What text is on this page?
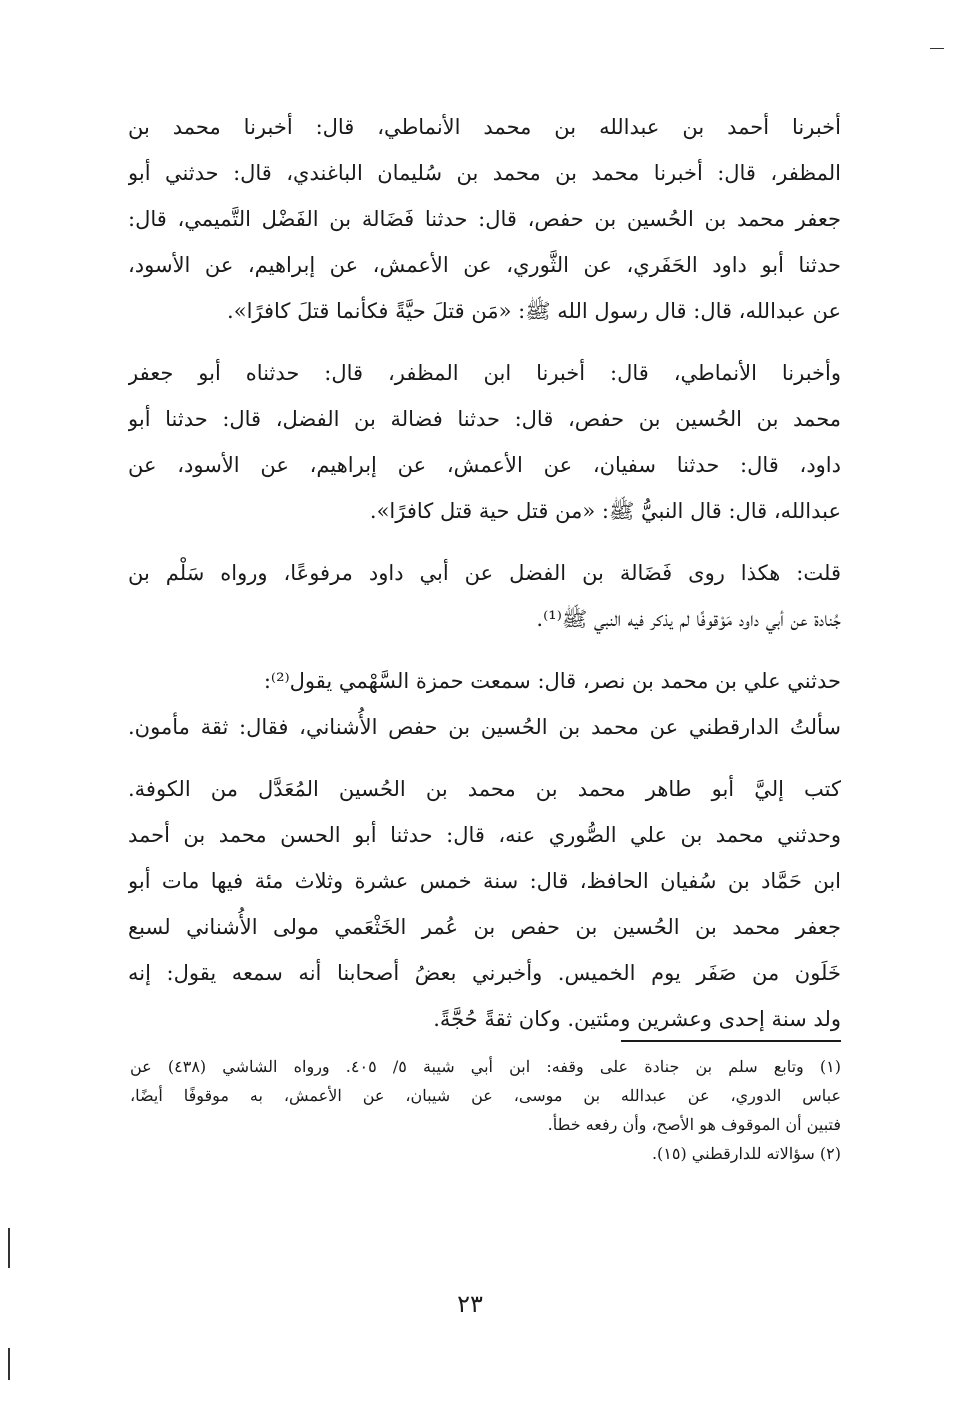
أخبرنا أحمد بن عبدالله بن محمد الأنماطي، قال: أخبرنا محمد بن
المظفر، قال: أخبرنا محمد بن محمد بن سُليمان الباغندي، قال: حدثني أبو
جعفر محمد بن الحُسين بن حفص، قال: حدثنا فَضَالة بن الفَضْل التَّميمي، قال:
حدثنا أبو داود الحَفَري، عن الثَّوري، عن الأعمش، عن إبراهيم، عن الأسود،
عن عبدالله، قال: قال رسول الله ﷺ: «مَن قتلَ حيَّةً فكأنما قتلَ كافرًا».
وأخبرنا الأنماطي، قال: أخبرنا ابن المظفر، قال: حدثناه أبو جعفر
محمد بن الحُسين بن حفص، قال: حدثنا فضالة بن الفضل، قال: حدثنا أبو
داود، قال: حدثنا سفيان، عن الأعمش، عن إبراهيم، عن الأسود، عن
عبدالله، قال: قال النبيُّ ﷺ: «من قتل حية قتل كافرًا».
قلت: هكذا روى فَضَالة بن الفضل عن أبي داود مرفوعًا، ورواه سَلْم بن
جُنادة عن أبي داود مَوْقوفًا لم يذكر فيه النبي ﷺ⁽¹⁾.
حدثني علي بن محمد بن نصر، قال: سمعت حمزة السَّهْمي يقول⁽²⁾:
سألتُ الدارقطني عن محمد بن الحُسين بن حفص الأُشناني، فقال: ثقة مأمون.
كتب إليَّ أبو طاهر محمد بن محمد بن الحُسين المُعَدَّل من الكوفة.
وحدثني محمد بن علي الصُّوري عنه، قال: حدثنا أبو الحسن محمد بن أحمد
ابن حَمَّاد بن سُفيان الحافظ، قال: سنة خمس عشرة وثلاث مئة فيها مات أبو
جعفر محمد بن الحُسين بن حفص بن عُمر الخَثْعَمي مولى الأُشناني لسبع
خَلَون من صَفَر يوم الخميس. وأخبرني بعضُ أصحابنا أنه سمعه يقول: إنه
ولد سنة إحدى وعشرين ومئتين. وكان ثقةً حُجَّةً.
(١) وتابع سلم بن جنادة على وقفه: ابن أبي شيبة ٥/ ٤٠٥. ورواه الشاشي (٤٣٨) عن
عباس الدوري، عن عبدالله بن موسى، عن شيبان، عن الأعمش، به موقوفًا أيضًا،
فتبين أن الموقوف هو الأصح، وأن رفعه خطأ.
(٢) سؤالاته للدارقطني (١٥).
٢٣
